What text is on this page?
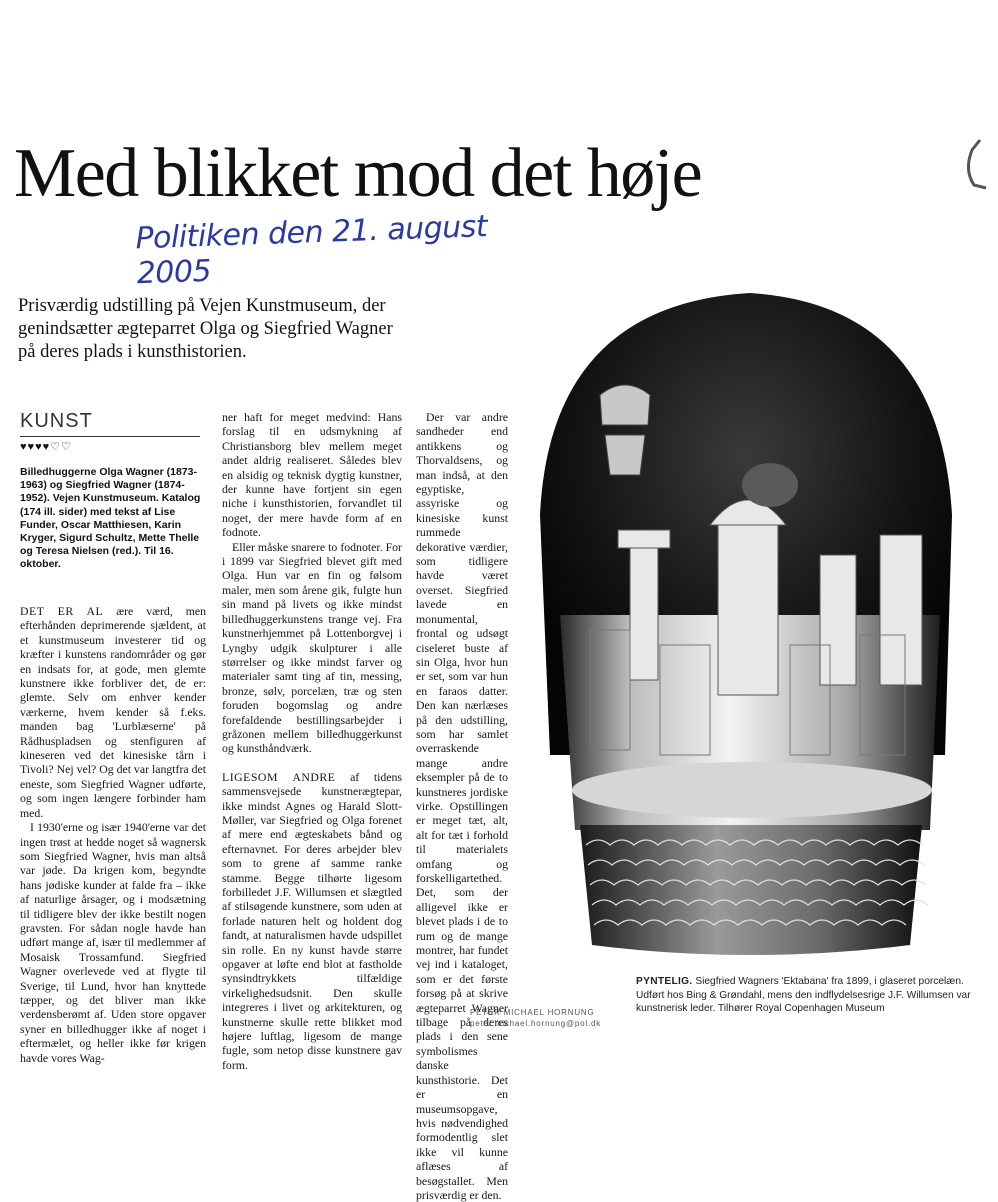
Med blikket mod det høje
Politiken den 21. august 2005
Prisværdig udstilling på Vejen Kunstmuseum, der genindsætter ægteparret Olga og Siegfried Wagner på deres plads i kunsthistorien.
KUNST
♥♥♥♥♡♡
Billedhuggerne Olga Wagner (1873-1963) og Siegfried Wagner (1874-1952). Vejen Kunstmuseum. Katalog (174 ill. sider) med tekst af Lise Funder, Oscar Matthiesen, Karin Kryger, Sigurd Schultz, Mette Thelle og Teresa Nielsen (red.). Til 16. oktober.

DET ER AL ære værd, men efterhånden deprimerende sjældent, at et kunstmuseum investerer tid og kræfter i kunstens randområder og gør en indsats for, at gode, men glemte kunstnere ikke forbliver det, de er: glemte. Selv om enhver kender værkerne, hvem kender så f.eks. manden bag 'Lurblæserne' på Rådhuspladsen og stenfiguren af kineseren ved det kinesiske tårn i Tivoli? Nej vel? Og det var langtfra det eneste, som Siegfried Wagner udførte, og som ingen længere forbinder ham med.

I 1930'erne og især 1940'erne var det ingen trøst at hedde noget så wagnersk som Siegfried Wagner, hvis man altså var jøde. Da krigen kom, begyndte hans jødiske kunder at falde fra – ikke af naturlige årsager, og i modsætning til tidligere blev der ikke bestilt nogen gravsten. For sådan nogle havde han udført mange af, især til medlemmer af Mosaisk Trossamfund. Siegfried Wagner overlevede ved at flygte til Sverige, til Lund, hvor han knyttede tæpper, og det bliver man ikke verdensberømt af. Uden store opgaver syner en billedhugger ikke af noget i eftermælet, og heller ikke før krigen havde vores Wag-

ner haft for meget medvind: Hans forslag til en udsmykning af Christiansborg blev mellem meget andet aldrig realiseret. Således blev en alsidig og teknisk dygtig kunstner, der kunne have fortjent sin egen niche i kunsthistorien, forvandlet til noget, der mere havde form af en fodnote.

Eller måske snarere to fodnoter. For i 1899 var Siegfried blevet gift med Olga. Hun var en fin og følsom maler, men som årene gik, fulgte hun sin mand på livets og ikke mindst billedhuggerkunstens trange vej. Fra kunstnerhjemmet på Lottenborgvej i Lyngby udgik skulpturer i alle størrelser og ikke mindst farver og materialer samt ting af tin, messing, bronze, sølv, porcelæn, træ og sten foruden bogomslag og andre forefaldende bestillingsarbejder i gråzonen mellem billedhuggerkunst og kunsthåndværk.

LIGESOM ANDRE af tidens sammensvejsede kunstnerægtepar, ikke mindst Agnes og Harald Slott-Møller, var Siegfried og Olga forenet af mere end ægteskabets bånd og efternavnet. For deres arbejder blev som to grene af samme ranke stamme. Begge tilhørte ligesom forbilledet J.F. Willumsen et slægtled af stilsøgende kunstnere, som uden at forlade naturen helt og holdent dog fandt, at naturalismen havde udspillet sin rolle. En ny kunst havde større opgaver at løfte end blot at fastholde synsindtrykkets tilfældige virkelighedsudsnit. Den skulle integreres i livet og arkitekturen, og kunstnerne skulle rette blikket mod højere luftlag, ligesom de mange fugle, som netop disse kunstnere gav form.

Der var andre sandheder end antikkens og Thorvaldsens, og man indså, at den egyptiske, assyriske og kinesiske kunst rummede dekorative værdier, som tidligere havde været overset. Siegfried lavede en monumental, frontal og udsøgt ciseleret buste af sin Olga, hvor hun er set, som var hun en faraos datter. Den kan nærlæses på den udstilling, som har samlet overraskende mange andre eksempler på de to kunstneres jordiske virke. Opstillingen er meget tæt, alt, alt for tæt i forhold til materialets omfang og forskelligartethed. Det, som der alligevel ikke er blevet plads i de to rum og de mange montrer, har fundet vej ind i kataloget, som er det første forsøg på at skrive ægteparret Wagner tilbage på deres plads i den sene symbolismes danske kunsthistorie. Det er en museumsopgave, hvis nødvendighed formodentlig slet ikke vil kunne aflæses af besøgstallet. Men prisværdig er den.

PETER MICHAEL HORNUNG
peter.michael.hornung@pol.dk
PYNTELIG. Siegfried Wagners 'Ektabana' fra 1899, i glaseret porcelæn. Udført hos Bing & Grøndahl, mens den indflydelsesrige J.F. Willumsen var kunstnerisk leder. Tilhører Royal Copenhagen Museum
